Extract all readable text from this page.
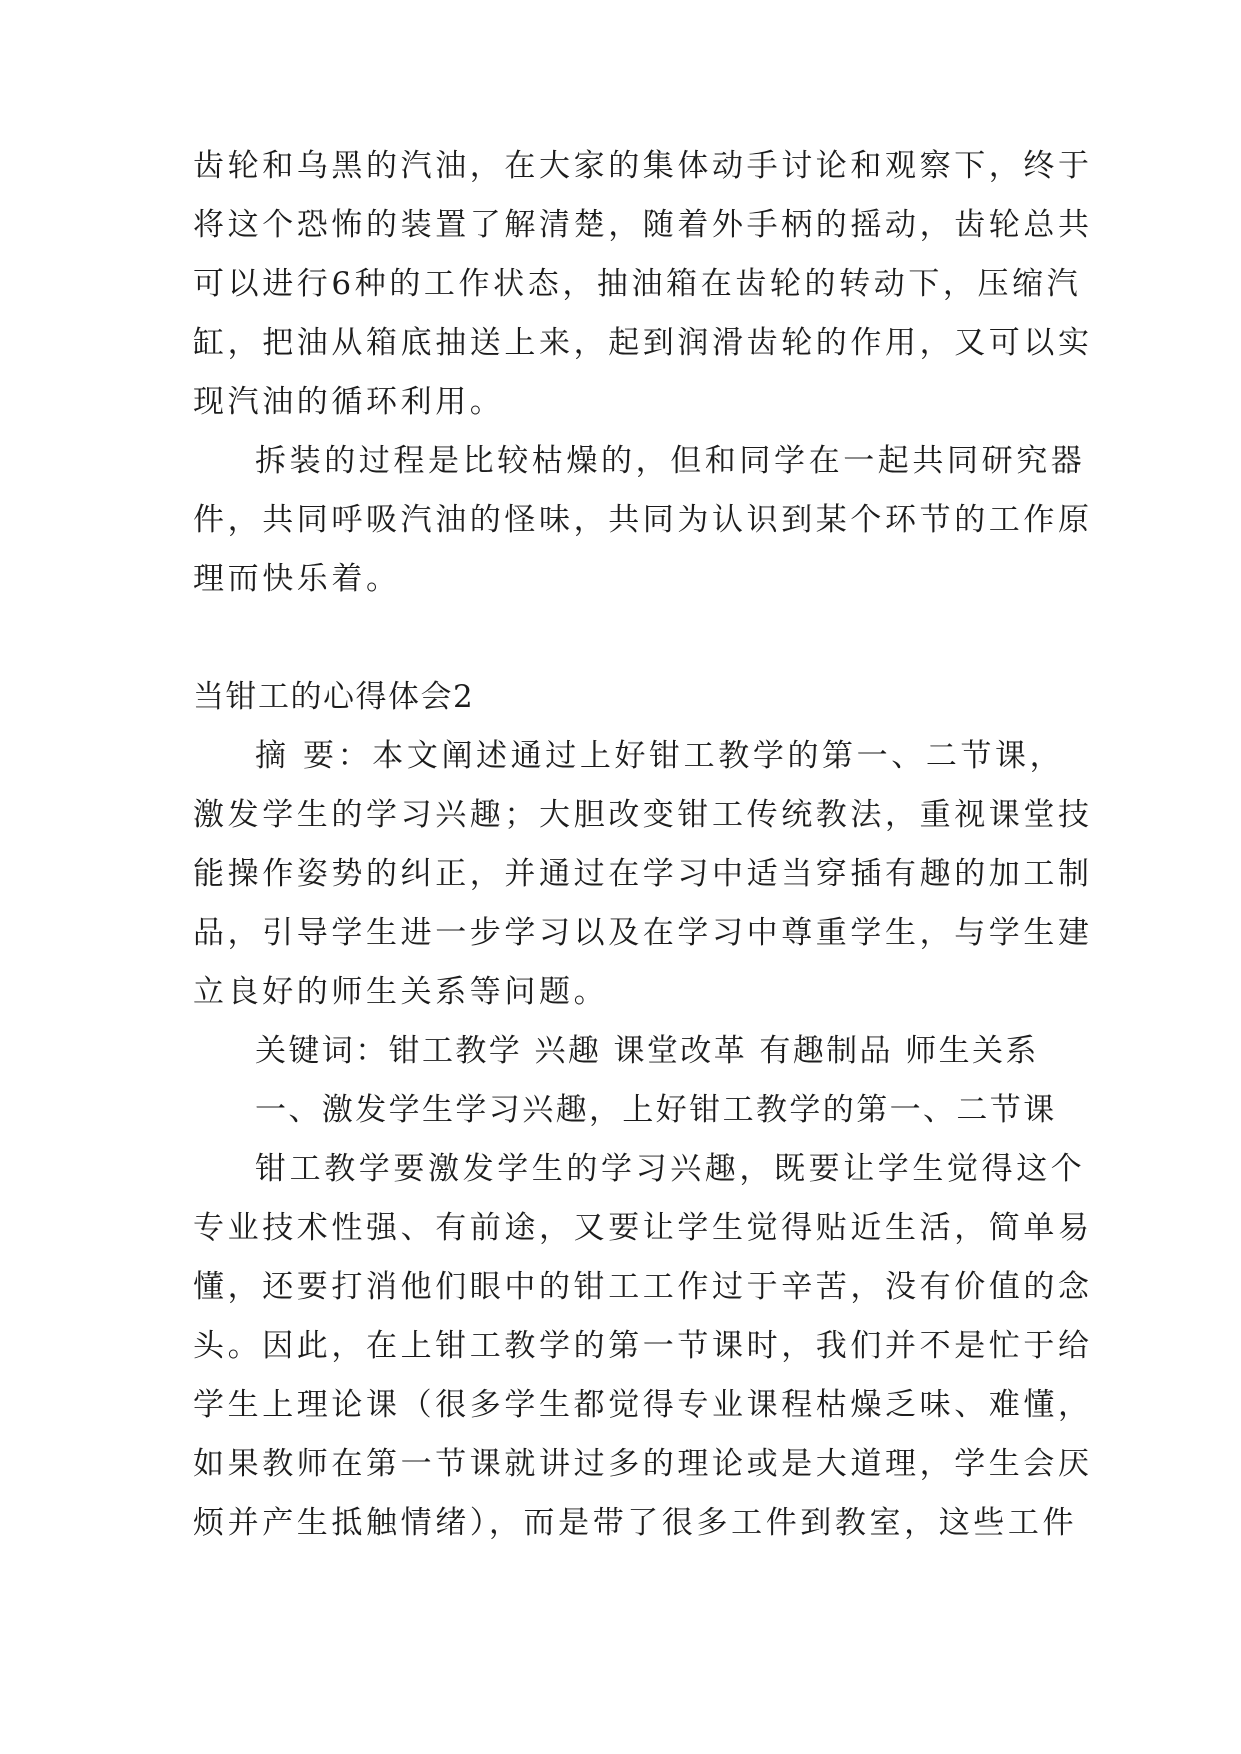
齿轮和乌黑的汽油，在大家的集体动手讨论和观察下，终于
将这个恐怖的装置了解清楚，随着外手柄的摇动，齿轮总共
可以进行6种的工作状态，抽油箱在齿轮的转动下，压缩汽
缸，把油从箱底抽送上来，起到润滑齿轮的作用，又可以实
现汽油的循环利用。
拆装的过程是比较枯燥的，但和同学在一起共同研究器
件，共同呼吸汽油的怪味，共同为认识到某个环节的工作原
理而快乐着。
当钳工的心得体会2
摘 要：本文阐述通过上好钳工教学的第一、二节课，
激发学生的学习兴趣；大胆改变钳工传统教法，重视课堂技
能操作姿势的纠正，并通过在学习中适当穿插有趣的加工制
品，引导学生进一步学习以及在学习中尊重学生，与学生建
立良好的师生关系等问题。
关键词：钳工教学 兴趣 课堂改革 有趣制品 师生关系
一、激发学生学习兴趣，上好钳工教学的第一、二节课
钳工教学要激发学生的学习兴趣，既要让学生觉得这个
专业技术性强、有前途，又要让学生觉得贴近生活，简单易
懂，还要打消他们眼中的钳工工作过于辛苦，没有价值的念
头。因此，在上钳工教学的第一节课时，我们并不是忙于给
学生上理论课（很多学生都觉得专业课程枯燥乏味、难懂，
如果教师在第一节课就讲过多的理论或是大道理，学生会厌
烦并产生抵触情绪），而是带了很多工件到教室，这些工件
